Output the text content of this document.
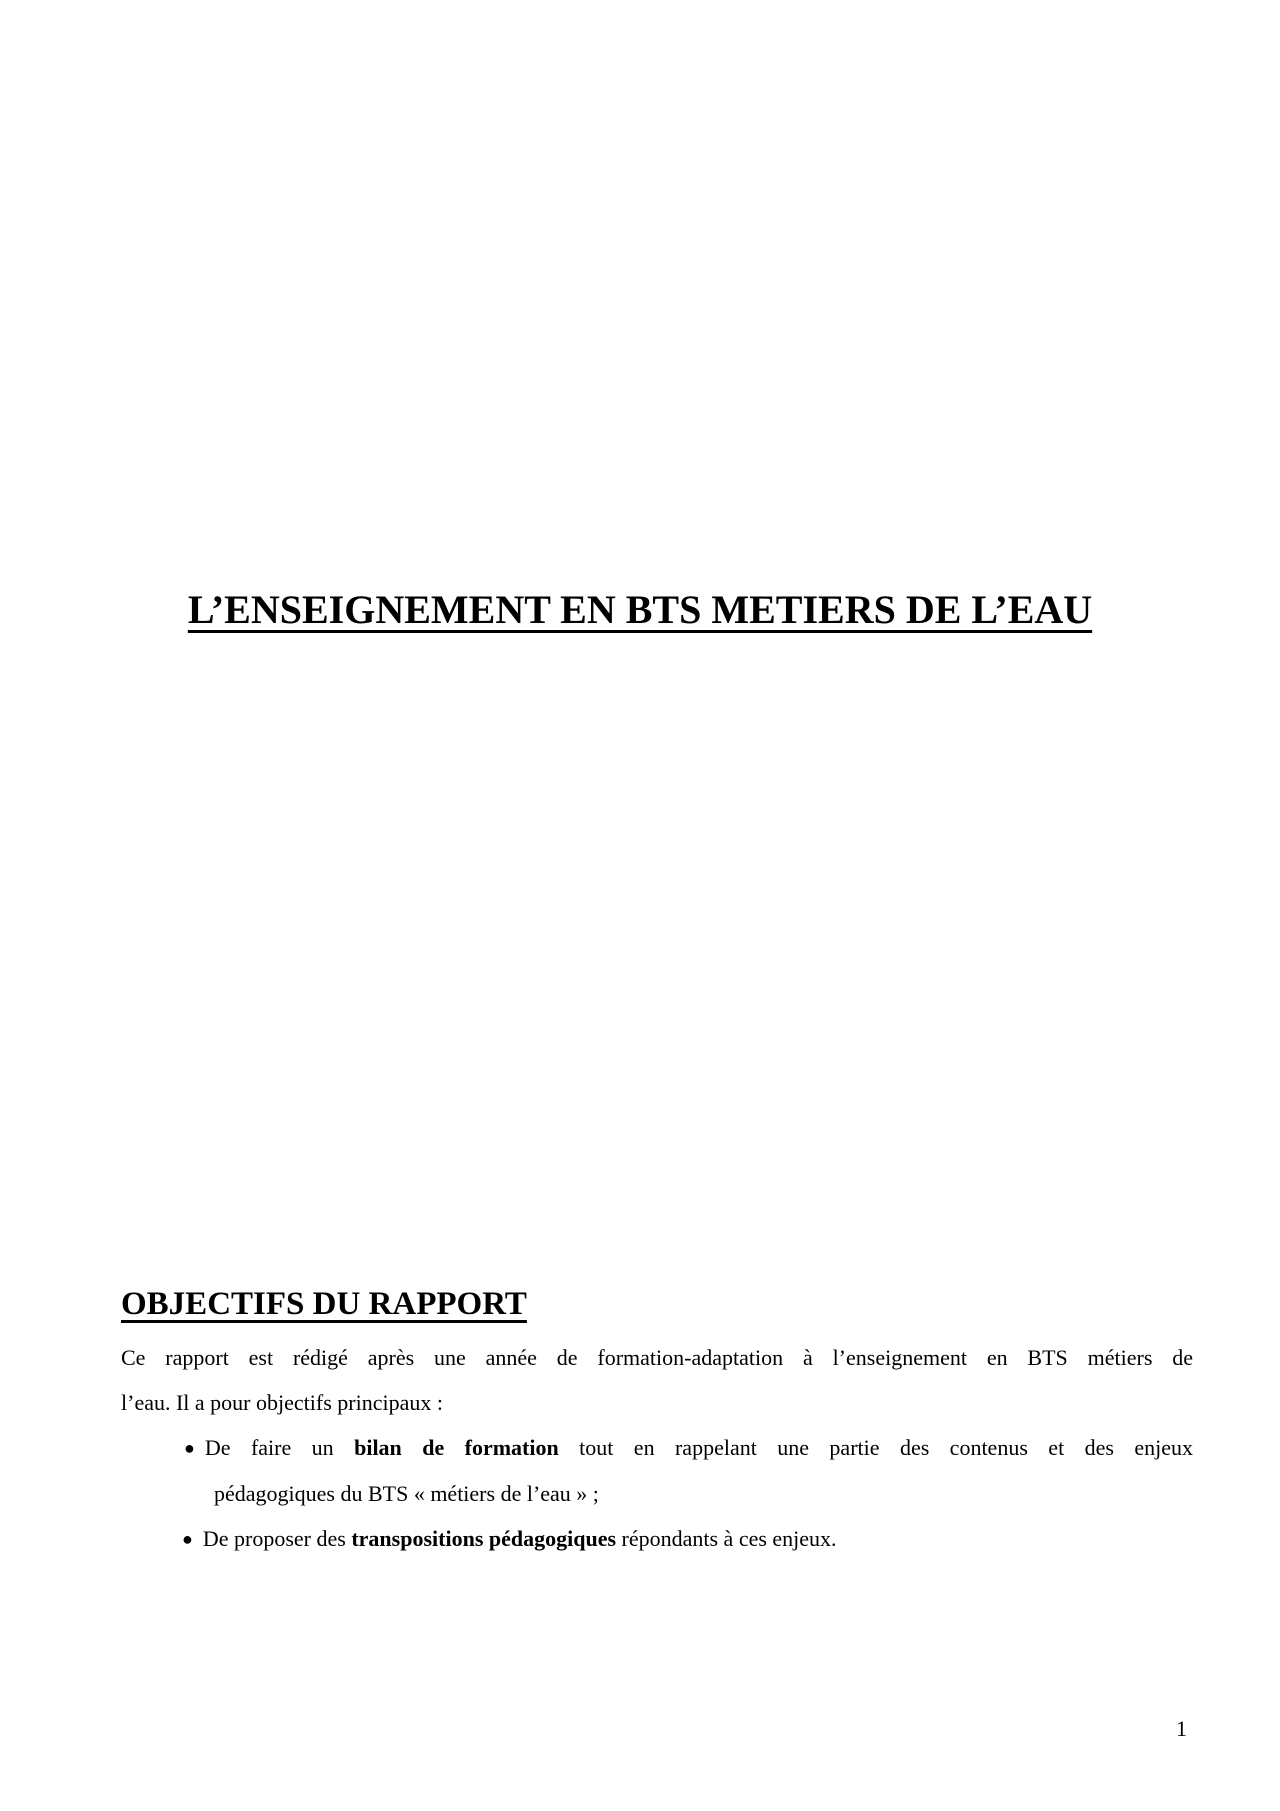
L’ENSEIGNEMENT EN BTS METIERS DE L’EAU
OBJECTIFS DU RAPPORT

Ce rapport est rédigé après une année de formation-adaptation à l’enseignement en BTS métiers de
l’eau. Il a pour objectifs principaux :

● De faire un bilan de formation tout en rappelant une partie des contenus et des enjeux
pédagogiques du BTS « métiers de l’eau » ;
● De proposer des transpositions pédagogiques répondants à ces enjeux.
1
